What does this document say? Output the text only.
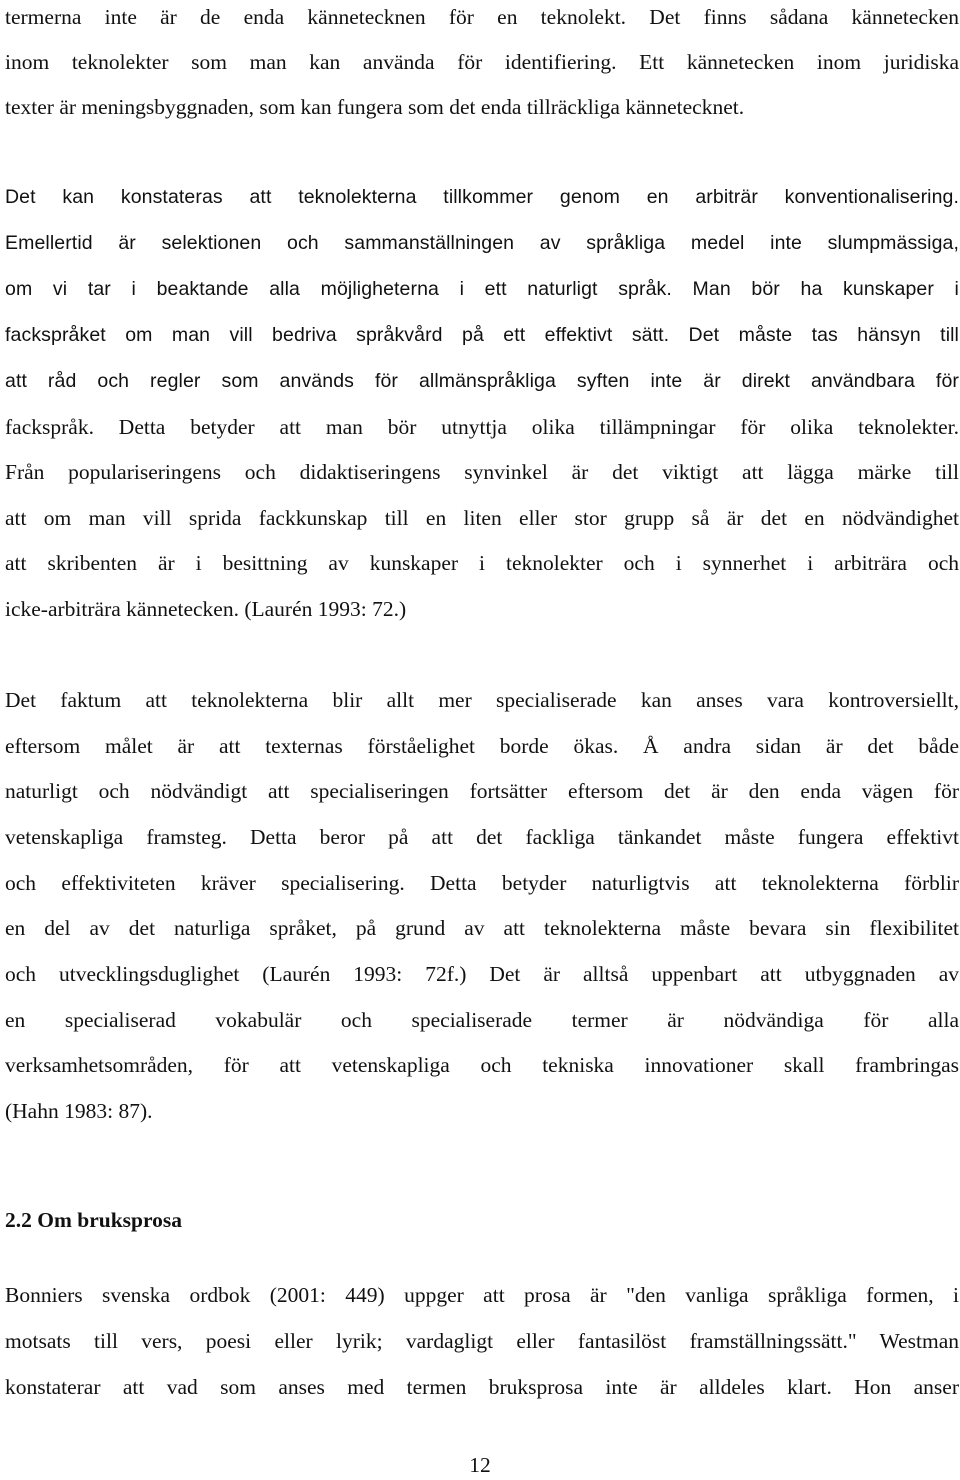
termerna inte är de enda kännetecknen för en teknolekt. Det finns sådana kännetecken
inom teknolekter som man kan använda för identifiering. Ett kännetecken inom juridiska
texter är meningsbyggnaden, som kan fungera som det enda tillräckliga kännetecknet.
Det kan konstateras att teknolekterna tillkommer genom en arbiträr konventionalisering.
Emellertid är selektionen och sammanställningen av språkliga medel inte slumpmässiga,
om vi tar i beaktande alla möjligheterna i ett naturligt språk. Man bör ha kunskaper i
fackspråket om man vill bedriva språkvård på ett effektivt sätt. Det måste tas hänsyn till
att råd och regler som används för allmänspråkliga syften inte är direkt användbara för
fackspråk. Detta betyder att man bör utnyttja olika tillämpningar för olika teknolekter.
Från populariseringens och didaktiseringens synvinkel är det viktigt att lägga märke till
att om man vill sprida fackkunskap till en liten eller stor grupp så är det en nödvändighet
att skribenten är i besittning av kunskaper i teknolekter och i synnerhet i arbiträra och
icke-arbiträra kännetecken. (Laurén 1993: 72.)
Det faktum att teknolekterna blir allt mer specialiserade kan anses vara kontroversiellt,
eftersom målet är att texternas förståelighet borde ökas. Å andra sidan är det både
naturligt och nödvändigt att specialiseringen fortsätter eftersom det är den enda vägen för
vetenskapliga framsteg. Detta beror på att det fackliga tänkandet måste fungera effektivt
och effektiviteten kräver specialisering. Detta betyder naturligtvis att teknolekterna förblir
en del av det naturliga språket, på grund av att teknolekterna måste bevara sin flexibilitet
och utvecklingsduglighet (Laurén 1993: 72f.) Det är alltså uppenbart att utbyggnaden av
en specialiserad vokabulär och specialiserade termer är nödvändiga för alla
verksamhetsområden, för att vetenskapliga och tekniska innovationer skall frambringas
(Hahn 1983: 87).
2.2 Om bruksprosa
Bonniers svenska ordbok (2001: 449) uppger att prosa är "den vanliga språkliga formen, i
motsats till vers, poesi eller lyrik; vardagligt eller fantasilöst framställningssätt." Westman
konstaterar att vad som anses med termen bruksprosa inte är alldeles klart. Hon anser
12
